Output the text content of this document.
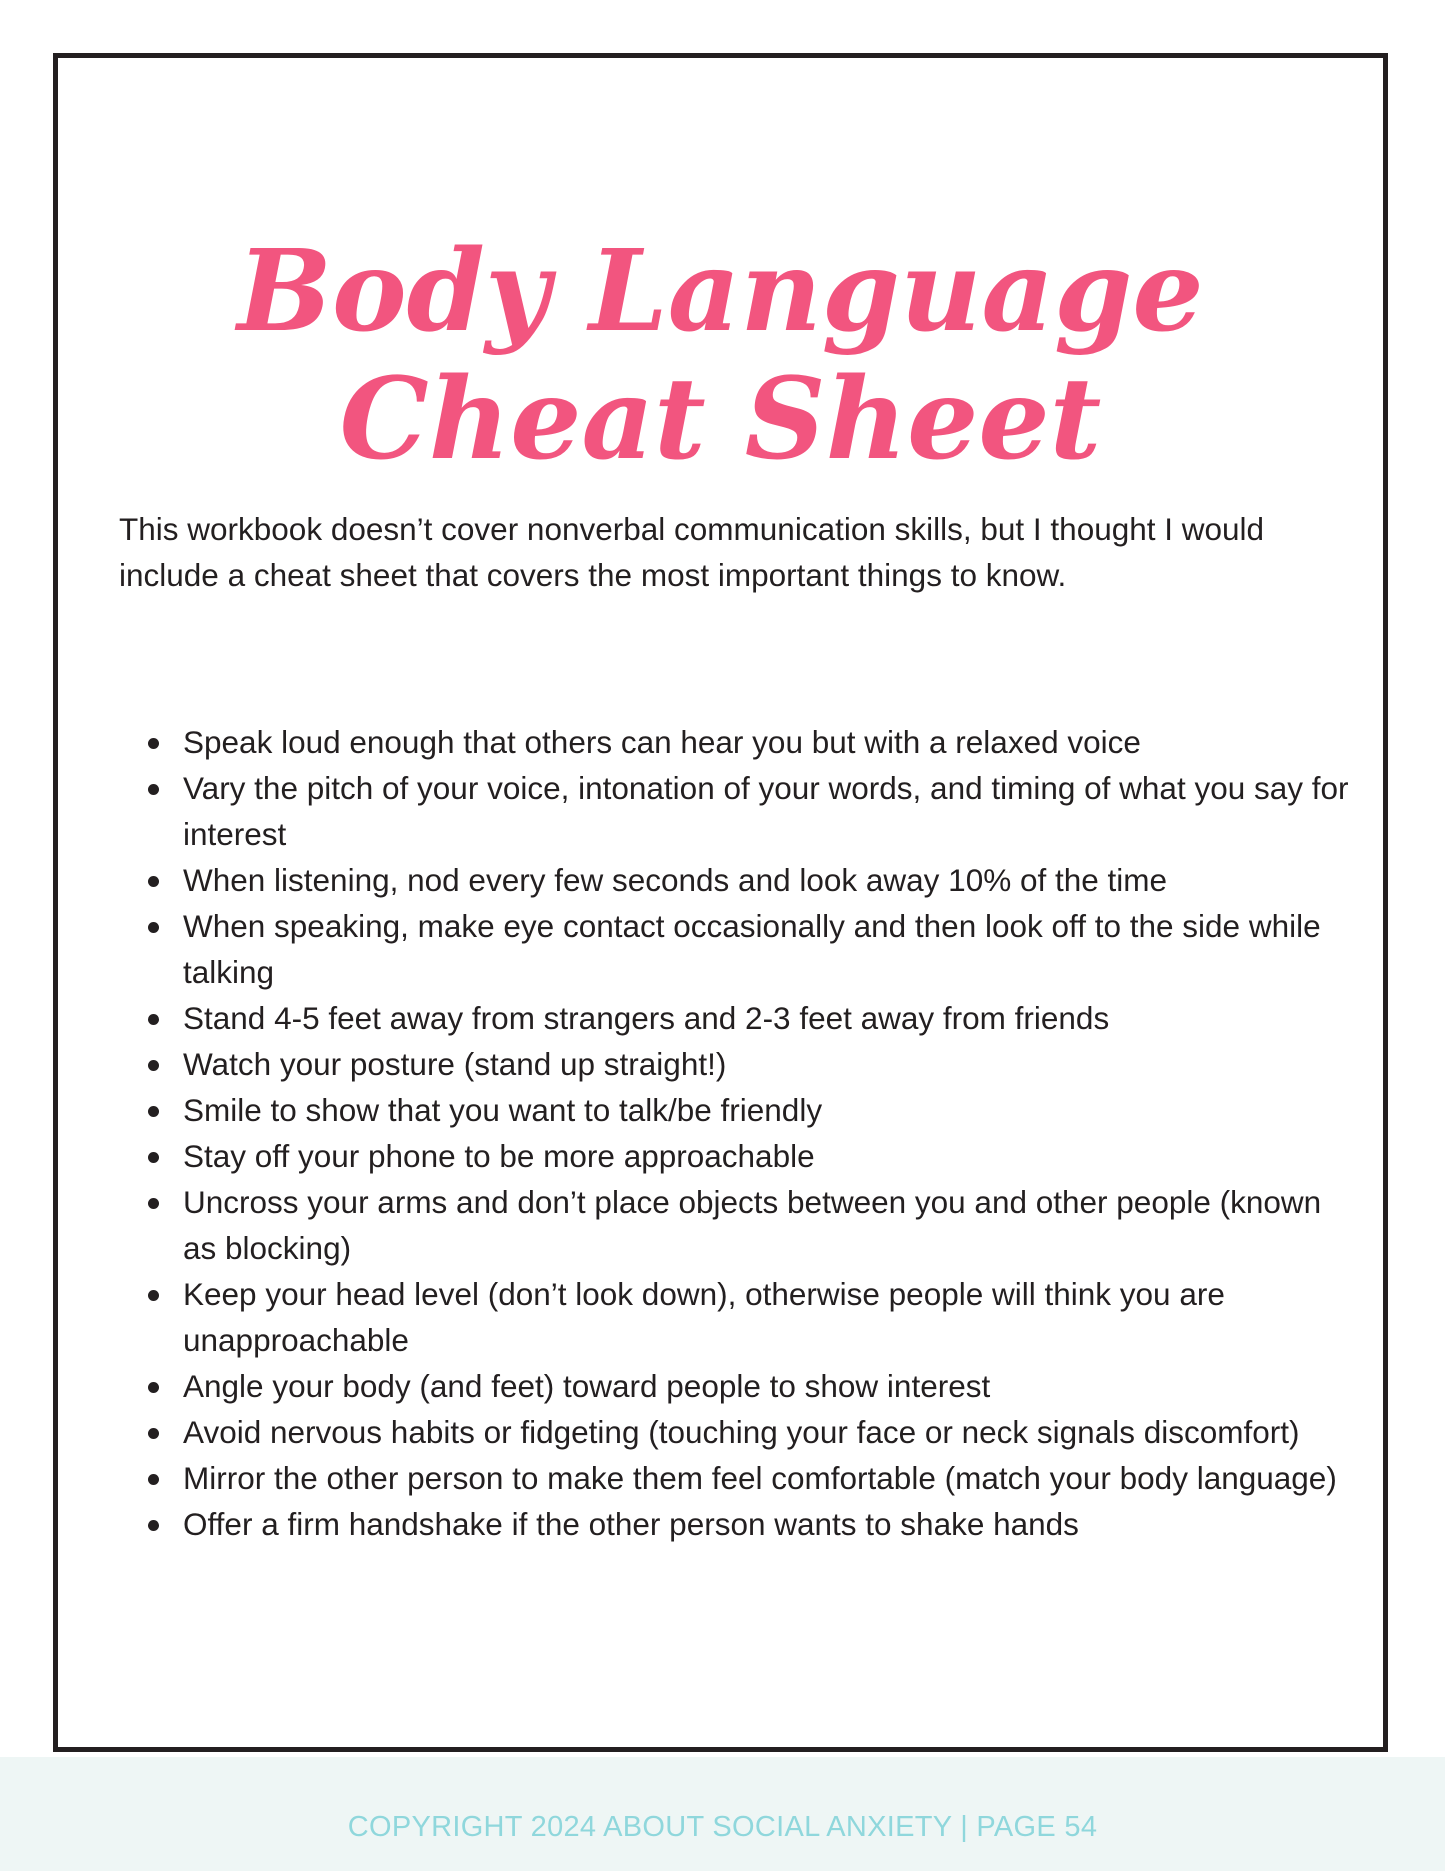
Body Language
Cheat Sheet

This workbook doesn’t cover nonverbal communication skills, but I thought I would include a cheat sheet that covers the most important things to know.

Speak loud enough that others can hear you but with a relaxed voice
Vary the pitch of your voice, intonation of your words, and timing of what you say for interest
When listening, nod every few seconds and look away 10% of the time
When speaking, make eye contact occasionally and then look off to the side while talking
Stand 4-5 feet away from strangers and 2-3 feet away from friends
Watch your posture (stand up straight!)
Smile to show that you want to talk/be friendly
Stay off your phone to be more approachable
Uncross your arms and don’t place objects between you and other people (known as blocking)
Keep your head level (don’t look down), otherwise people will think you are unapproachable
Angle your body (and feet) toward people to show interest
Avoid nervous habits or fidgeting (touching your face or neck signals discomfort)
Mirror the other person to make them feel comfortable (match your body language)
Offer a firm handshake if the other person wants to shake hands
COPYRIGHT 2024 ABOUT SOCIAL ANXIETY | PAGE 54
